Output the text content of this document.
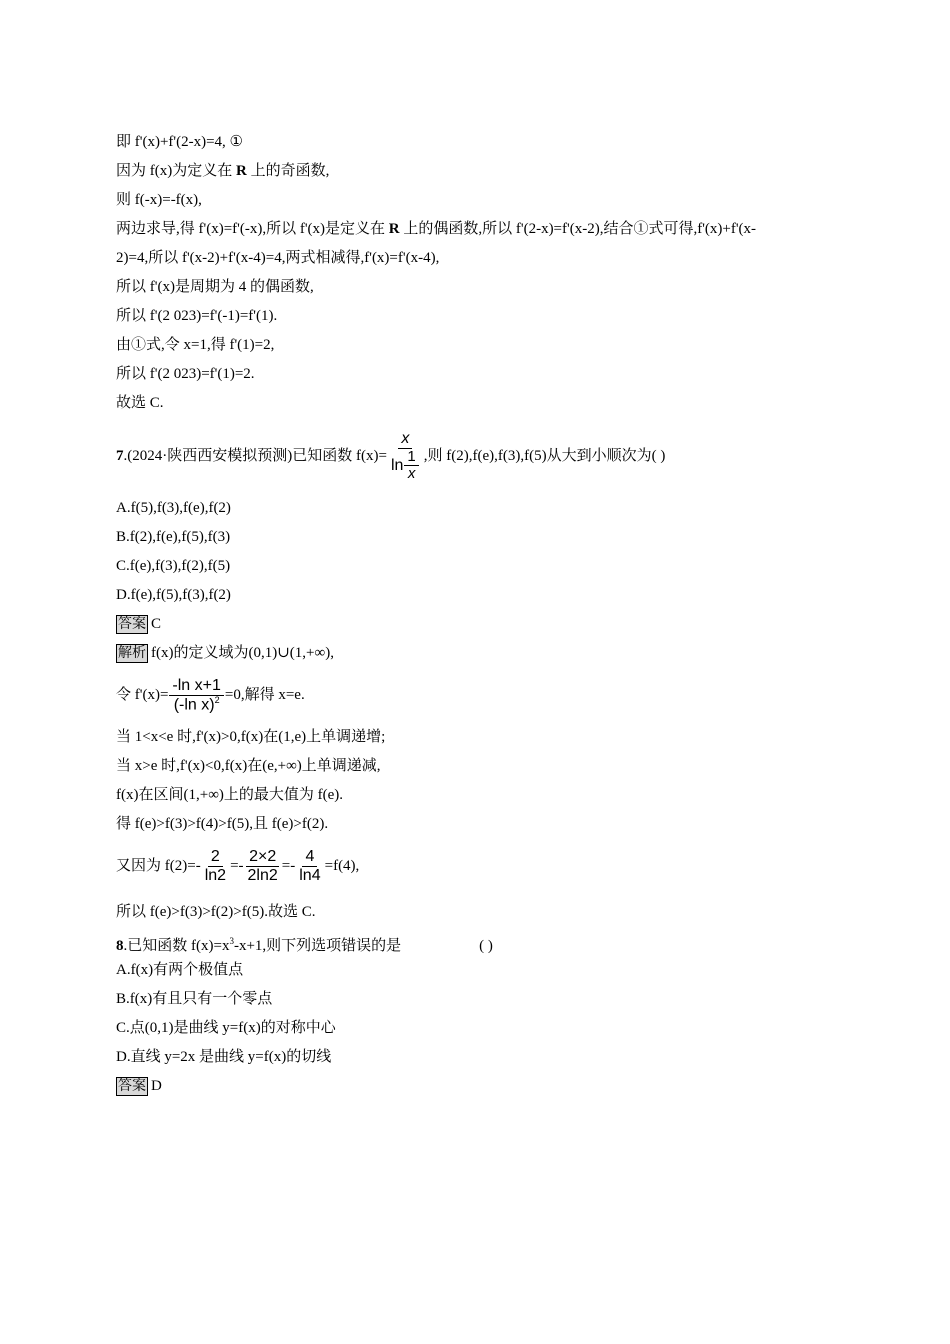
即 f'(x)+f'(2-x)=4, ①
因为 f(x)为定义在 R 上的奇函数,
则 f(-x)=-f(x),
两边求导,得 f'(x)=f'(-x),所以 f'(x)是定义在 R 上的偶函数,所以 f'(2-x)=f'(x-2),结合①式可得,f'(x)+f'(x-
2)=4,所以 f'(x-2)+f'(x-4)=4,两式相减得,f'(x)=f'(x-4),
所以 f'(x)是周期为 4 的偶函数,
所以 f'(2 023)=f'(-1)=f'(1).
由①式,令 x=1,得 f'(1)=2,
所以 f'(2 023)=f'(1)=2.
故选 C.
7.(2024·陕西西安模拟预测)已知函数 $f(x)= \frac{x}{\ln \frac{1}{x}}$ ,则 f(2),f(e),f(3),f(5)从大到小顺次为( )
A.f(5),f(3),f(e),f(2)
B.f(2),f(e),f(5),f(3)
C.f(e),f(3),f(2),f(5)
D.f(e),f(5),f(3),f(2)
答案 C
解析 f(x)的定义域为(0,1)∪(1,+∞),
令 $f'(x)= \frac{\text{-ln x+1}}{(-\ln x)^2} =0$,解得 x=e.
当 1<x<e 时,f'(x)>0,f(x)在(1,e)上单调递增;
当 x>e 时,f'(x)<0,f(x)在(e,+∞)上单调递减,
f(x)在区间(1,+∞)上的最大值为 f(e).
得 f(e)>f(3)>f(4)>f(5),且 f(e)>f(2).
又因为 $f(2)=- \frac{2}{\ln 2} =- \frac{2\times 2}{2\ln 2} =- \frac{4}{\ln 4} =f(4)$,
所以 f(e)>f(3)>f(2)>f(5).故选 C.
8.已知函数 $f(x)=x^3-x+1$,则下列选项错误的是	( )
A.f(x)有两个极值点
B.f(x)有且只有一个零点
C.点(0,1)是曲线 y=f(x)的对称中心
D.直线 y=2x 是曲线 y=f(x)的切线
答案 D
